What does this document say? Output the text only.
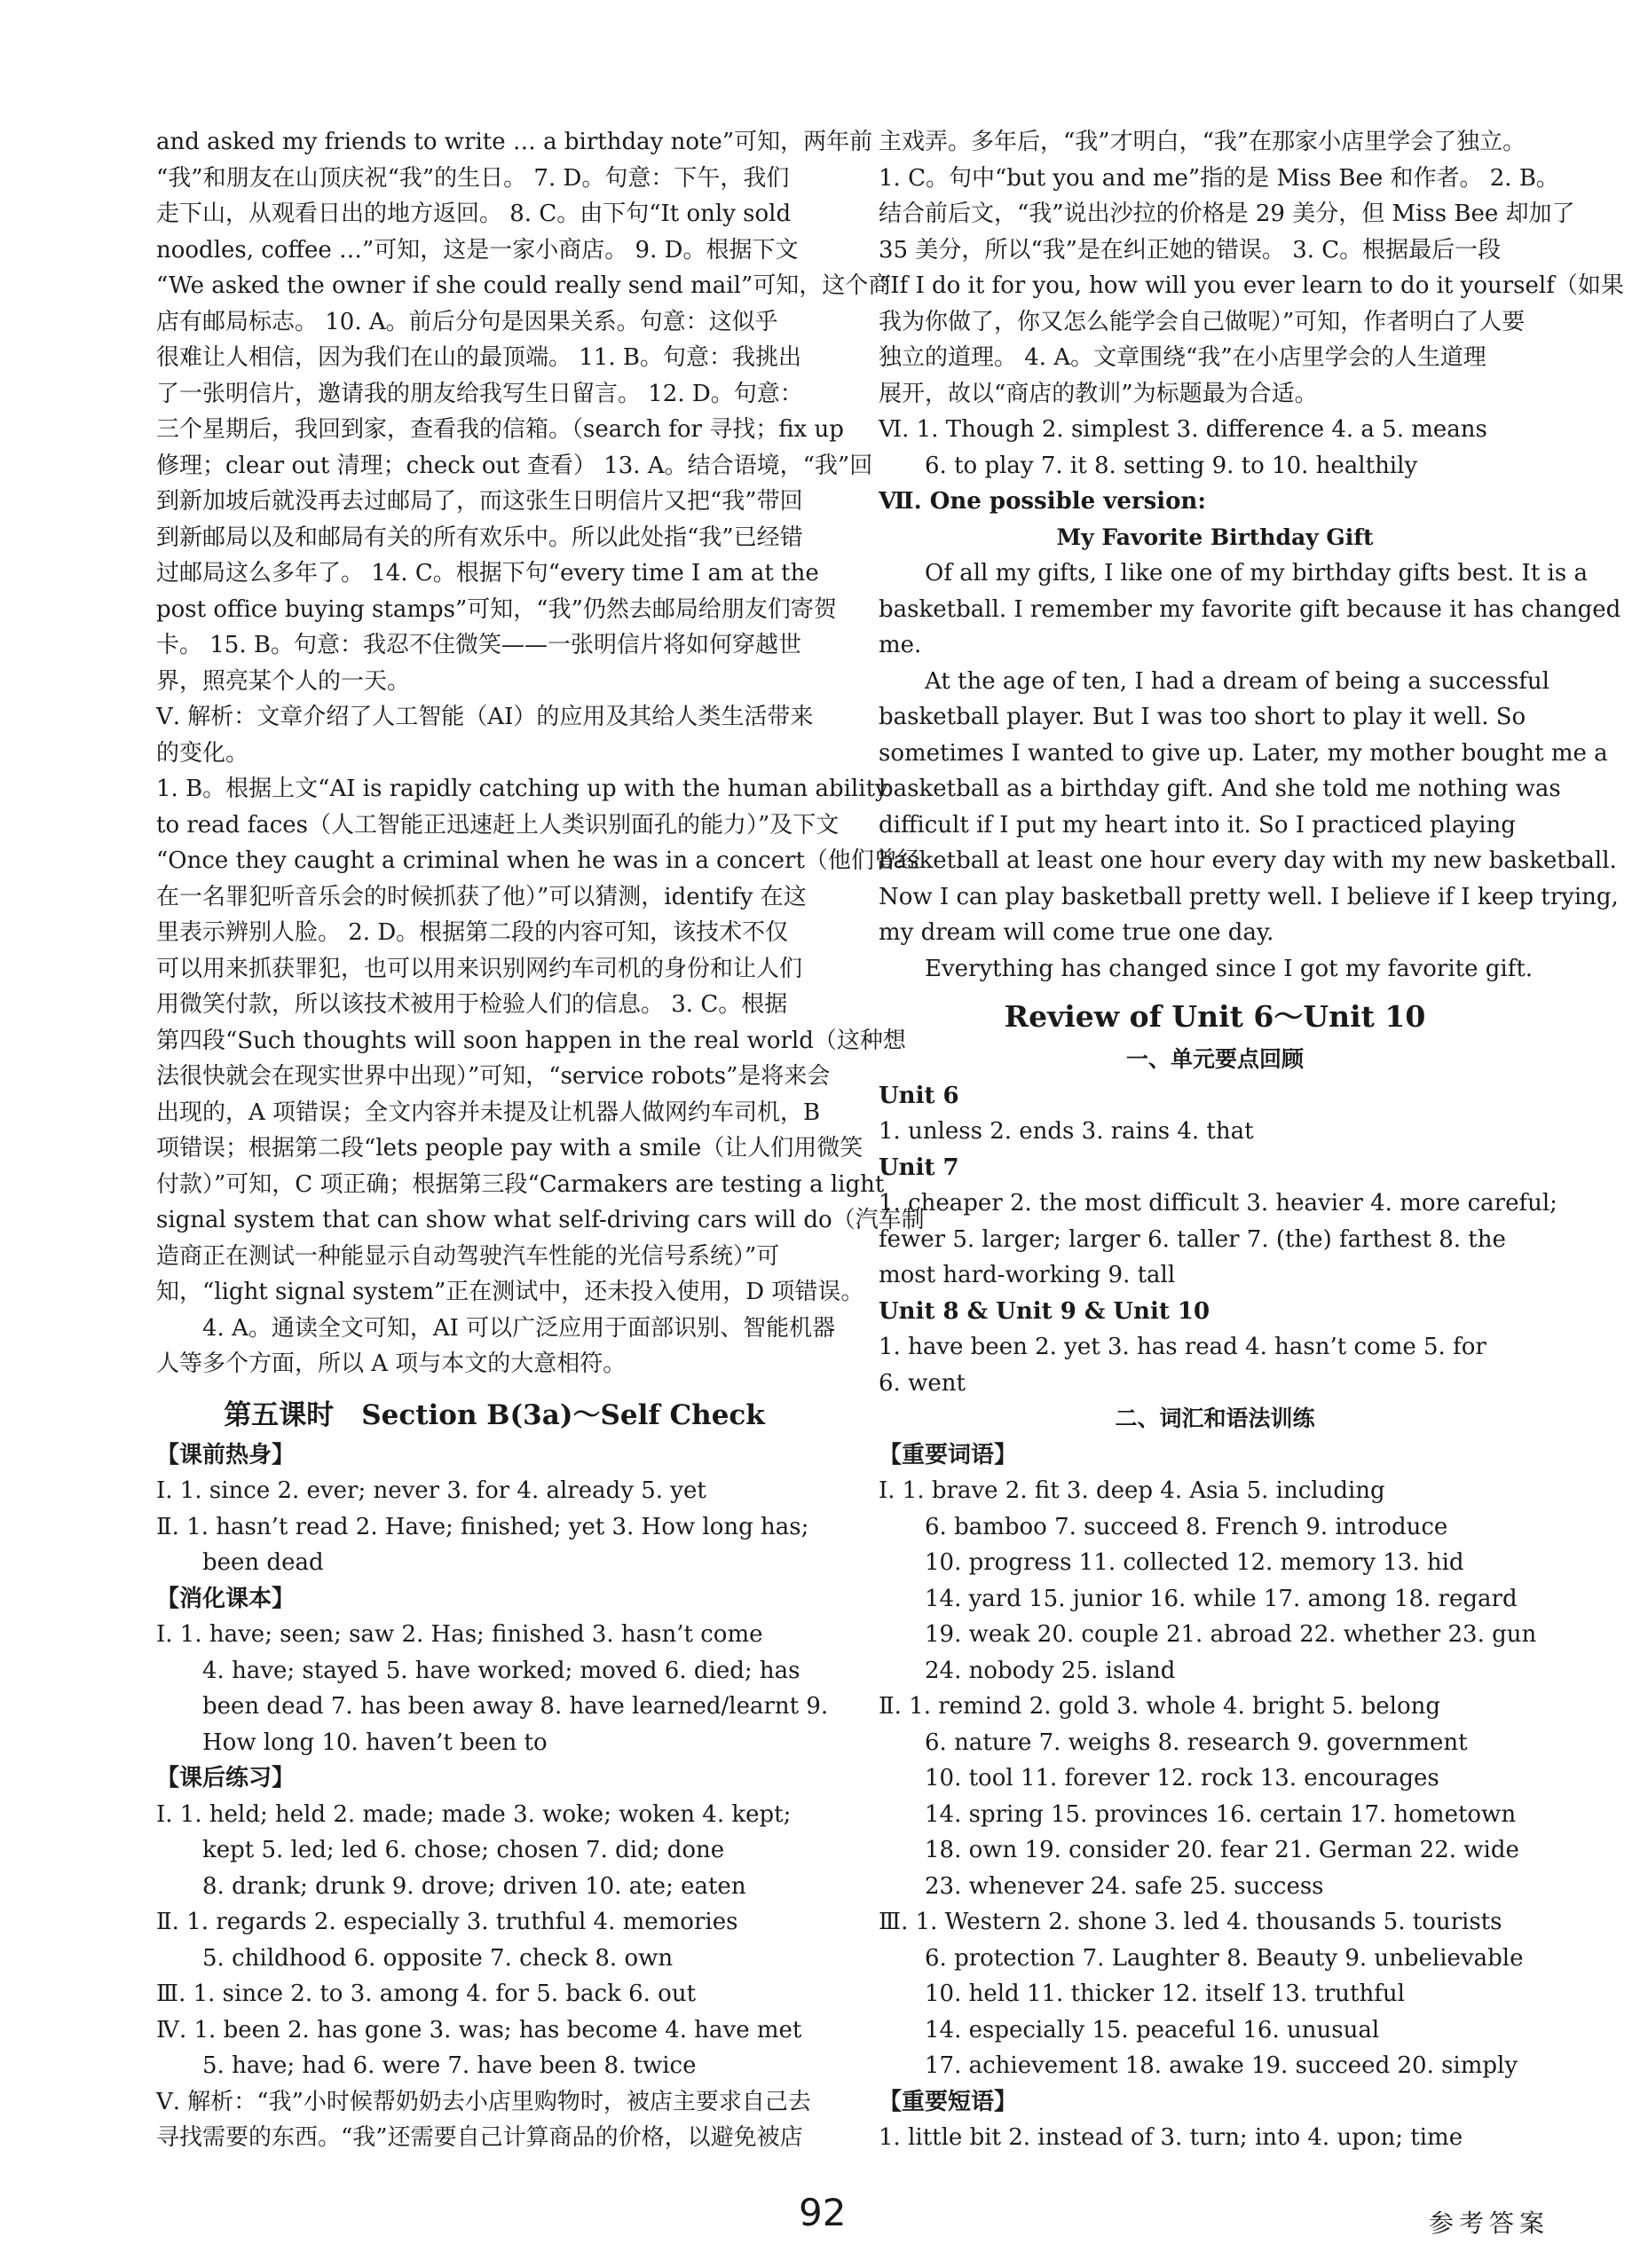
and asked my friends to write … a birthday note”可知，两年前
“我”和朋友在山顶庆祝“我”的生日。 7. D。句意：下午，我们
走下山，从观看日出的地方返回。 8. C。由下句“It only sold
noodles, coffee …”可知，这是一家小商店。 9. D。根据下文
“We asked the owner if she could really send mail”可知，这个商
店有邮局标志。 10. A。前后分句是因果关系。句意：这似乎
很难让人相信，因为我们在山的最顶端。 11. B。句意：我挑出
了一张明信片，邀请我的朋友给我写生日留言。 12. D。句意：
三个星期后，我回到家，查看我的信箱。（search for 寻找；fix up
修理；clear out 清理；check out 查看） 13. A。结合语境，“我”回
到新加坡后就没再去过邮局了，而这张生日明信片又把“我”带回
到新邮局以及和邮局有关的所有欢乐中。所以此处指“我”已经错
过邮局这么多年了。 14. C。根据下句“every time I am at the
post office buying stamps”可知，“我”仍然去邮局给朋友们寄贺
卡。 15. B。句意：我忍不住微笑——一张明信片将如何穿越世
界，照亮某个人的一天。
Ⅴ. 解析：文章介绍了人工智能（AI）的应用及其给人类生活带来
的变化。
1. B。根据上文“AI is rapidly catching up with the human ability
to read faces（人工智能正迅速赶上人类识别面孔的能力）”及下文
“Once they caught a criminal when he was in a concert（他们曾经
在一名罪犯听音乐会的时候抓获了他）”可以猜测，identify 在这
里表示辨别人脸。 2. D。根据第二段的内容可知，该技术不仅
可以用来抓获罪犯，也可以用来识别网约车司机的身份和让人们
用微笑付款，所以该技术被用于检验人们的信息。 3. C。根据
第四段“Such thoughts will soon happen in the real world（这种想
法很快就会在现实世界中出现）”可知，“service robots”是将来会
出现的，A 项错误；全文内容并未提及让机器人做网约车司机，B
项错误；根据第二段“lets people pay with a smile（让人们用微笑
付款）”可知，C 项正确；根据第三段“Carmakers are testing a light
signal system that can show what self-driving cars will do（汽车制
造商正在测试一种能显示自动驾驶汽车性能的光信号系统）”可
知，“light signal system”正在测试中，还未投入使用，D 项错误。
4. A。通读全文可知，AI 可以广泛应用于面部识别、智能机器
人等多个方面，所以 A 项与本文的大意相符。
第五课时　Section B(3a)～Self Check
【课前热身】
Ⅰ. 1. since 2. ever; never 3. for 4. already 5. yet
Ⅱ. 1. hasn’t read 2. Have; finished; yet 3. How long has;
been dead
【消化课本】
Ⅰ. 1. have; seen; saw 2. Has; finished 3. hasn’t come
4. have; stayed 5. have worked; moved 6. died; has
been dead 7. has been away 8. have learned/learnt 9.
How long 10. haven’t been to
【课后练习】
Ⅰ. 1. held; held 2. made; made 3. woke; woken 4. kept;
kept 5. led; led 6. chose; chosen 7. did; done
8. drank; drunk 9. drove; driven 10. ate; eaten
Ⅱ. 1. regards 2. especially 3. truthful 4. memories
5. childhood 6. opposite 7. check 8. own
Ⅲ. 1. since 2. to 3. among 4. for 5. back 6. out
Ⅳ. 1. been 2. has gone 3. was; has become 4. have met
5. have; had 6. were 7. have been 8. twice
Ⅴ. 解析：“我”小时候帮奶奶去小店里购物时，被店主要求自己去
寻找需要的东西。“我”还需要自己计算商品的价格，以避免被店
主戏弄。多年后，“我”才明白，“我”在那家小店里学会了独立。
1. C。句中“but you and me”指的是 Miss Bee 和作者。 2. B。
结合前后文，“我”说出沙拉的价格是 29 美分，但 Miss Bee 却加了
35 美分，所以“我”是在纠正她的错误。 3. C。根据最后一段
“If I do it for you, how will you ever learn to do it yourself（如果
我为你做了，你又怎么能学会自己做呢）”可知，作者明白了人要
独立的道理。 4. A。文章围绕“我”在小店里学会的人生道理
展开，故以“商店的教训”为标题最为合适。
Ⅵ. 1. Though 2. simplest 3. difference 4. a 5. means
6. to play 7. it 8. setting 9. to 10. healthily
Ⅶ. One possible version:
My Favorite Birthday Gift
Of all my gifts, I like one of my birthday gifts best. It is a
basketball. I remember my favorite gift because it has changed
me.
At the age of ten, I had a dream of being a successful
basketball player. But I was too short to play it well. So
sometimes I wanted to give up. Later, my mother bought me a
basketball as a birthday gift. And she told me nothing was
difficult if I put my heart into it. So I practiced playing
basketball at least one hour every day with my new basketball.
Now I can play basketball pretty well. I believe if I keep trying,
my dream will come true one day.
Everything has changed since I got my favorite gift.
Review of Unit 6～Unit 10
一、单元要点回顾
Unit 6
1. unless 2. ends 3. rains 4. that
Unit 7
1. cheaper 2. the most difficult 3. heavier 4. more careful;
fewer 5. larger; larger 6. taller 7. (the) farthest 8. the
most hard-working 9. tall
Unit 8 & Unit 9 & Unit 10
1. have been 2. yet 3. has read 4. hasn’t come 5. for
6. went
二、词汇和语法训练
【重要词语】
Ⅰ. 1. brave 2. fit 3. deep 4. Asia 5. including
6. bamboo 7. succeed 8. French 9. introduce
10. progress 11. collected 12. memory 13. hid
14. yard 15. junior 16. while 17. among 18. regard
19. weak 20. couple 21. abroad 22. whether 23. gun
24. nobody 25. island
Ⅱ. 1. remind 2. gold 3. whole 4. bright 5. belong
6. nature 7. weighs 8. research 9. government
10. tool 11. forever 12. rock 13. encourages
14. spring 15. provinces 16. certain 17. hometown
18. own 19. consider 20. fear 21. German 22. wide
23. whenever 24. safe 25. success
Ⅲ. 1. Western 2. shone 3. led 4. thousands 5. tourists
6. protection 7. Laughter 8. Beauty 9. unbelievable
10. held 11. thicker 12. itself 13. truthful
14. especially 15. peaceful 16. unusual
17. achievement 18. awake 19. succeed 20. simply
【重要短语】
1. little bit 2. instead of 3. turn; into 4. upon; time
92	参考答案
